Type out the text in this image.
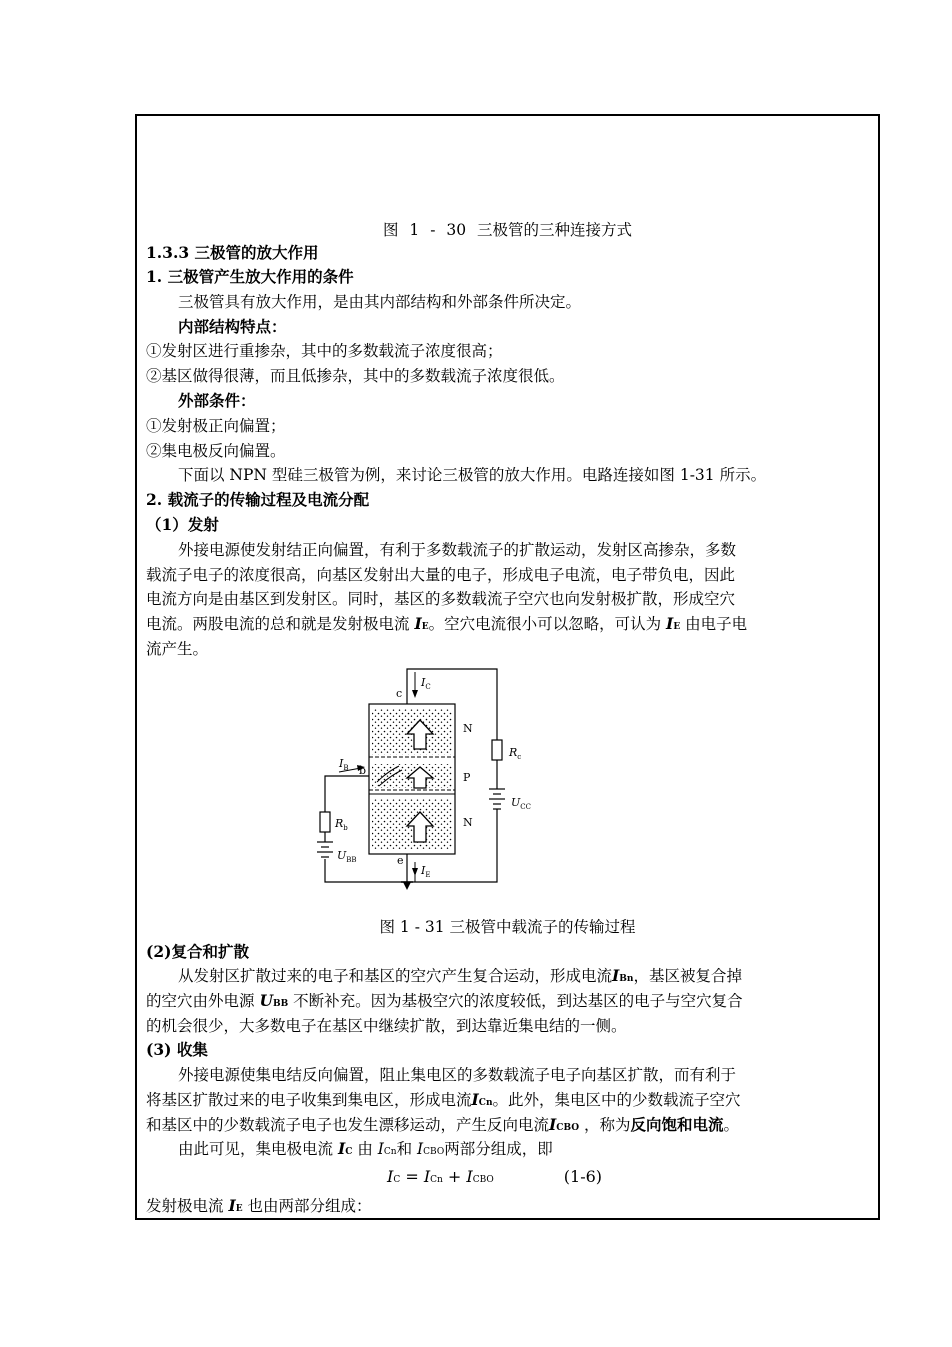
图 1 - 30 三极管的三种连接方式
1.3.3 三极管的放大作用
1. 三极管产生放大作用的条件
三极管具有放大作用，是由其内部结构和外部条件所决定。
内部结构特点：
①发射区进行重掺杂，其中的多数载流子浓度很高；
②基区做得很薄，而且低掺杂，其中的多数载流子浓度很低。
外部条件：
①发射极正向偏置；
②集电极反向偏置。
下面以 NPN 型硅三极管为例，来讨论三极管的放大作用。电路连接如图 1-31 所示。
2. 载流子的传输过程及电流分配
（1）发射
外接电源使发射结正向偏置，有利于多数载流子的扩散运动，发射区高掺杂，多数
载流子电子的浓度很高，向基区发射出大量的电子，形成电子电流，电子带负电，因此
电流方向是由基区到发射区。同时，基区的多数载流子空穴也向发射极扩散，形成空穴
电流。两股电流的总和就是发射极电流 IE。空穴电流很小可以忽略，可认为 IE 由电子电
流产生。
c
b
e
$I_C$
$I_E$
$I_B$
N
P
N
$R_c$
$R_b$
$U_{CC}$
$U_{BB}$
图 1 - 31 三极管中载流子的传输过程
(2)复合和扩散
从发射区扩散过来的电子和基区的空穴产生复合运动，形成电流IBn，基区被复合掉
的空穴由外电源 UBB 不断补充。因为基极空穴的浓度较低，到达基区的电子与空穴复合
的机会很少，大多数电子在基区中继续扩散，到达靠近集电结的一侧。
(3) 收集
外接电源使集电结反向偏置，阻止集电区的多数载流子电子向基区扩散，而有利于
将基区扩散过来的电子收集到集电区，形成电流ICn。此外，集电区中的少数载流子空穴
和基区中的少数载流子电子也发生漂移运动，产生反向电流ICBO ，称为反向饱和电流。
由此可见，集电极电流 IC 由 ICn和 ICBO两部分组成，即
IC = ICn + ICBO	(1-6)
发射极电流 IE 也由两部分组成：
